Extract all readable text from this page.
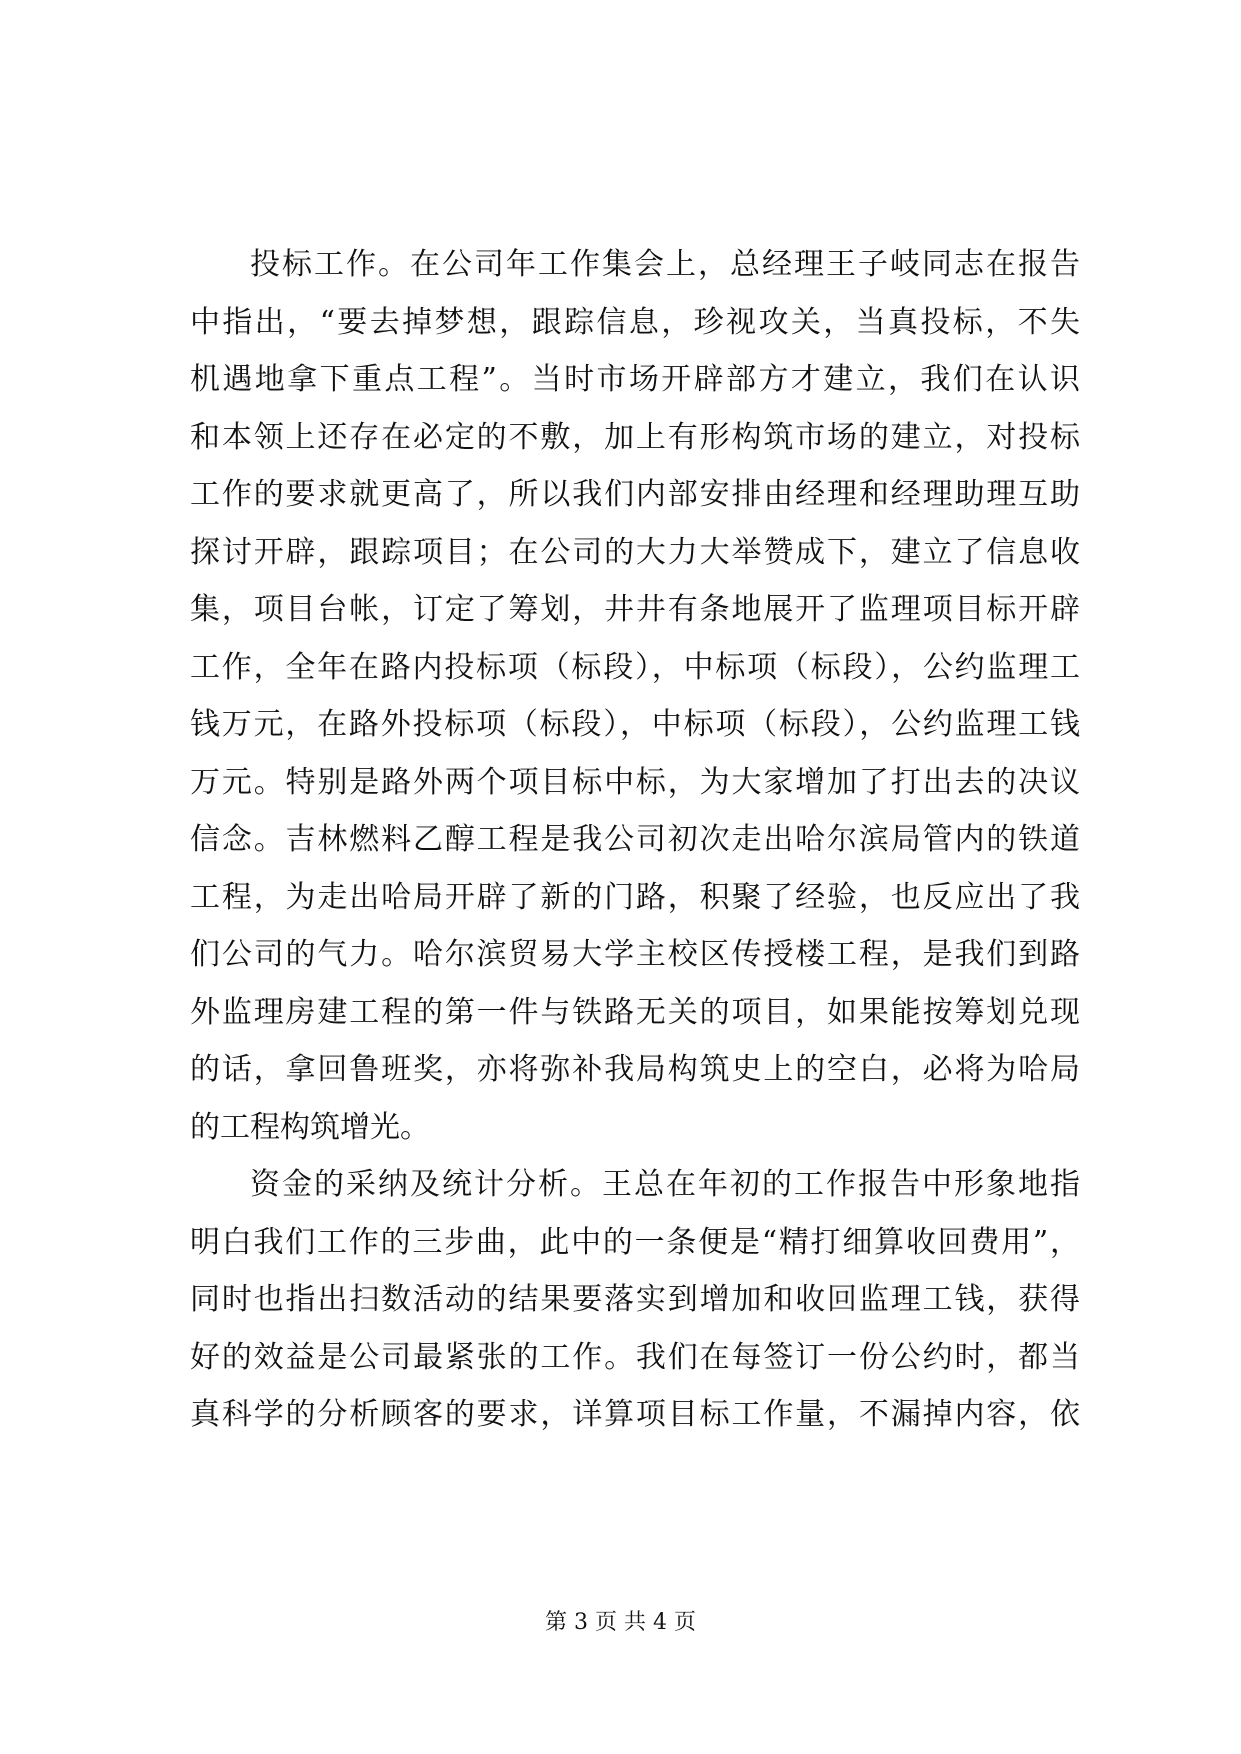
投标工作。在公司年工作集会上，总经理王子岐同志在报告
中指出，“要去掉梦想，跟踪信息，珍视攻关，当真投标，不失
机遇地拿下重点工程”。当时市场开辟部方才建立，我们在认识
和本领上还存在必定的不敷，加上有形构筑市场的建立，对投标
工作的要求就更高了，所以我们内部安排由经理和经理助理互助
探讨开辟，跟踪项目；在公司的大力大举赞成下，建立了信息收
集，项目台帐，订定了筹划，井井有条地展开了监理项目标开辟
工作，全年在路内投标项（标段），中标项（标段），公约监理工
钱万元，在路外投标项（标段），中标项（标段），公约监理工钱
万元。特别是路外两个项目标中标，为大家增加了打出去的决议
信念。吉林燃料乙醇工程是我公司初次走出哈尔滨局管内的铁道
工程，为走出哈局开辟了新的门路，积聚了经验，也反应出了我
们公司的气力。哈尔滨贸易大学主校区传授楼工程，是我们到路
外监理房建工程的第一件与铁路无关的项目，如果能按筹划兑现
的话，拿回鲁班奖，亦将弥补我局构筑史上的空白，必将为哈局
的工程构筑增光。
资金的采纳及统计分析。王总在年初的工作报告中形象地指
明白我们工作的三步曲，此中的一条便是“精打细算收回费用”，
同时也指出扫数活动的结果要落实到增加和收回监理工钱，获得
好的效益是公司最紧张的工作。我们在每签订一份公约时，都当
真科学的分析顾客的要求，详算项目标工作量，不漏掉内容，依
第 3 页 共 4 页
